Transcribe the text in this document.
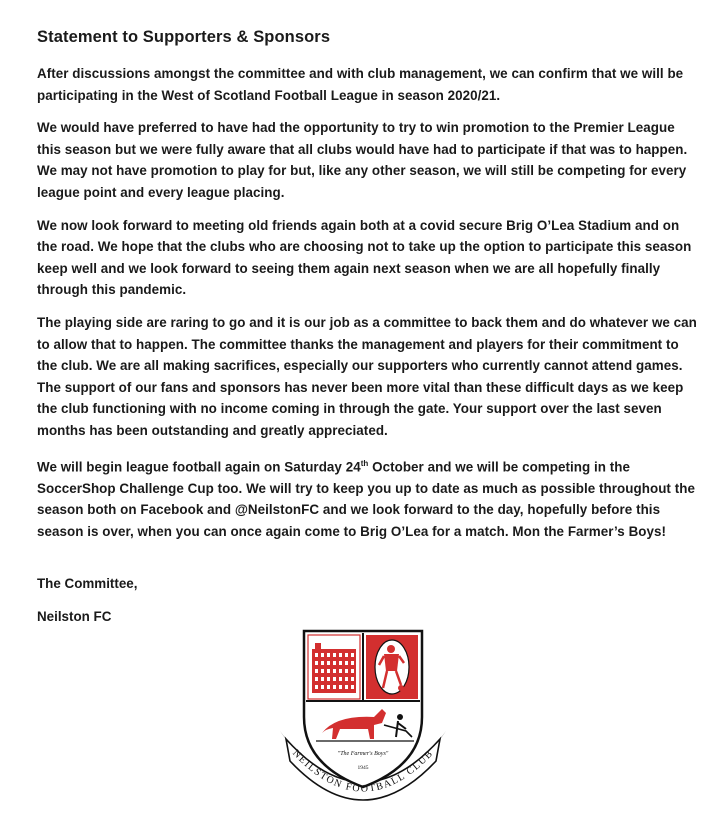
Statement to Supporters & Sponsors

After discussions amongst the committee and with club management, we can confirm that we will be participating in the West of Scotland Football League in season 2020/21.

We would have preferred to have had the opportunity to try to win promotion to the Premier League this season but we were fully aware that all clubs would have had to participate if that was to happen. We may not have promotion to play for but, like any other season, we will still be competing for every league point and every league placing.

We now look forward to meeting old friends again both at a covid secure Brig O’Lea Stadium and on the road. We hope that the clubs who are choosing not to take up the option to participate this season keep well and we look forward to seeing them again next season when we are all hopefully finally through this pandemic.

The playing side are raring to go and it is our job as a committee to back them and do whatever we can to allow that to happen. The committee thanks the management and players for their commitment to the club. We are all making sacrifices, especially our supporters who currently cannot attend games. The support of our fans and sponsors has never been more vital than these difficult days as we keep the club functioning with no income coming in through the gate. Your support over the last seven months has been outstanding and greatly appreciated.

We will begin league football again on Saturday 24th October and we will be competing in the SoccerShop Challenge Cup too. We will try to keep you up to date as much as possible throughout the season both on Facebook and @NeilstonFC and we look forward to the day, hopefully before this season is over, when you can once again come to Brig O’Lea for a match. Mon the Farmer’s Boys!

The Committee,
Neilston FC
"The Farmer's Boys"
1945
NEILSTON FOOTBALL CLUB
